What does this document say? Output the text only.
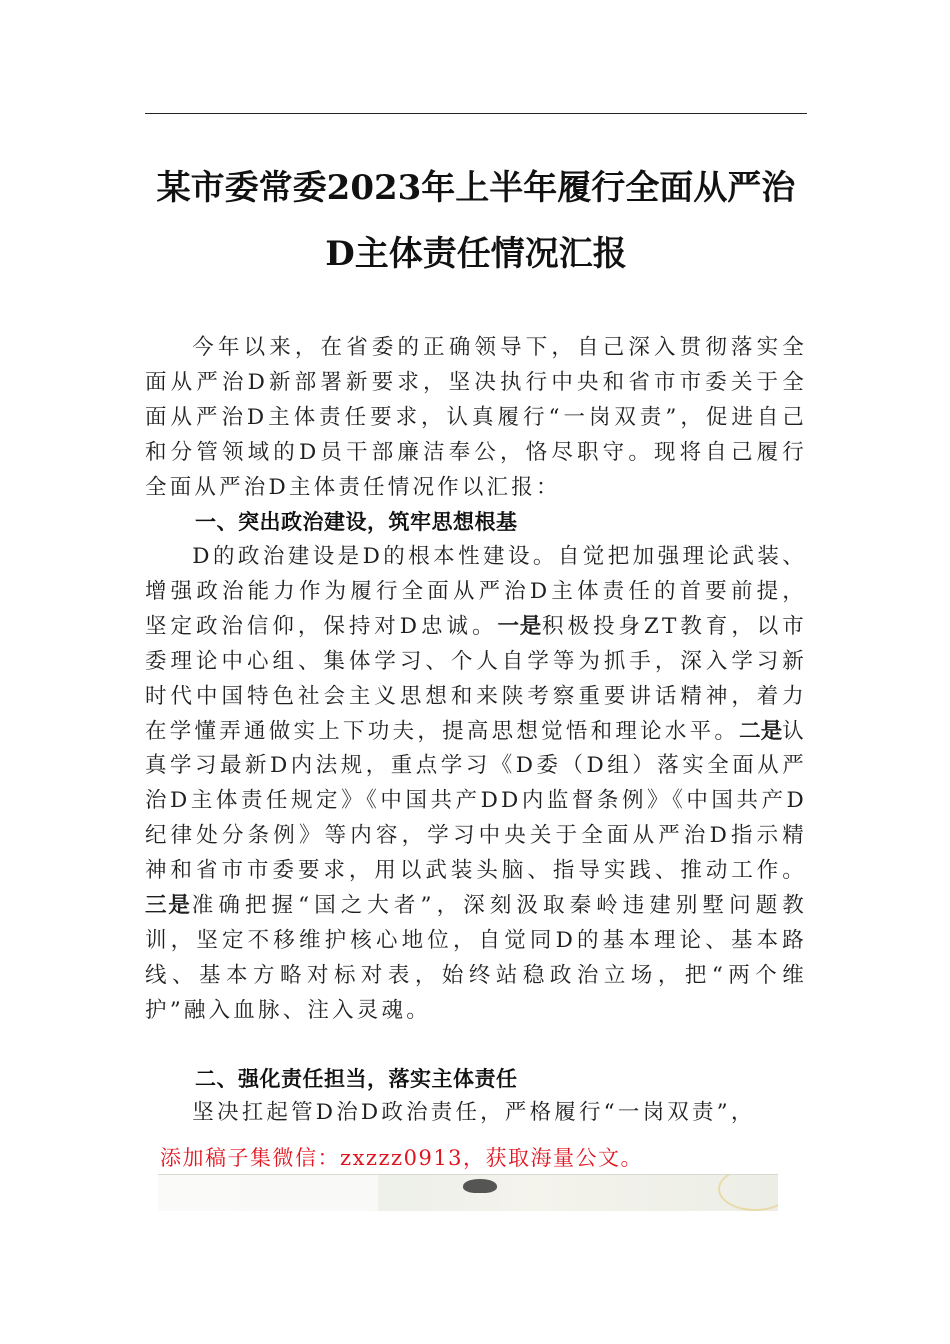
某市委常委2023年上半年履行全面从严治
D主体责任情况汇报

今年以来，在省委的正确领导下，自己深入贯彻落实全面从严治D新部署新要求，坚决执行中央和省市市委关于全面从严治D主体责任要求，认真履行“一岗双责”，促进自己和分管领域的D员干部廉洁奉公，恪尽职守。现将自己履行全面从严治D主体责任情况作以汇报：

一、突出政治建设，筑牢思想根基

D的政治建设是D的根本性建设。自觉把加强理论武装、增强政治能力作为履行全面从严治D主体责任的首要前提，坚定政治信仰，保持对D忠诚。一是积极投身ZT教育，以市委理论中心组、集体学习、个人自学等为抓手，深入学习新时代中国特色社会主义思想和来陕考察重要讲话精神，着力在学懂弄通做实上下功夫，提高思想觉悟和理论水平。二是认真学习最新D内法规，重点学习《D委（D组）落实全面从严治D主体责任规定》《中国共产DD内监督条例》《中国共产D纪律处分条例》等内容，学习中央关于全面从严治D指示精神和省市市委要求，用以武装头脑、指导实践、推动工作。三是准确把握“国之大者”，深刻汲取秦岭违建别墅问题教训，坚定不移维护核心地位，自觉同D的基本理论、基本路线、基本方略对标对表，始终站稳政治立场，把“两个维护”融入血脉、注入灵魂。

二、强化责任担当，落实主体责任

坚决扛起管D治D政治责任，严格履行“一岗双责”，

添加稿子集微信：zxzzz0913，获取海量公文。
